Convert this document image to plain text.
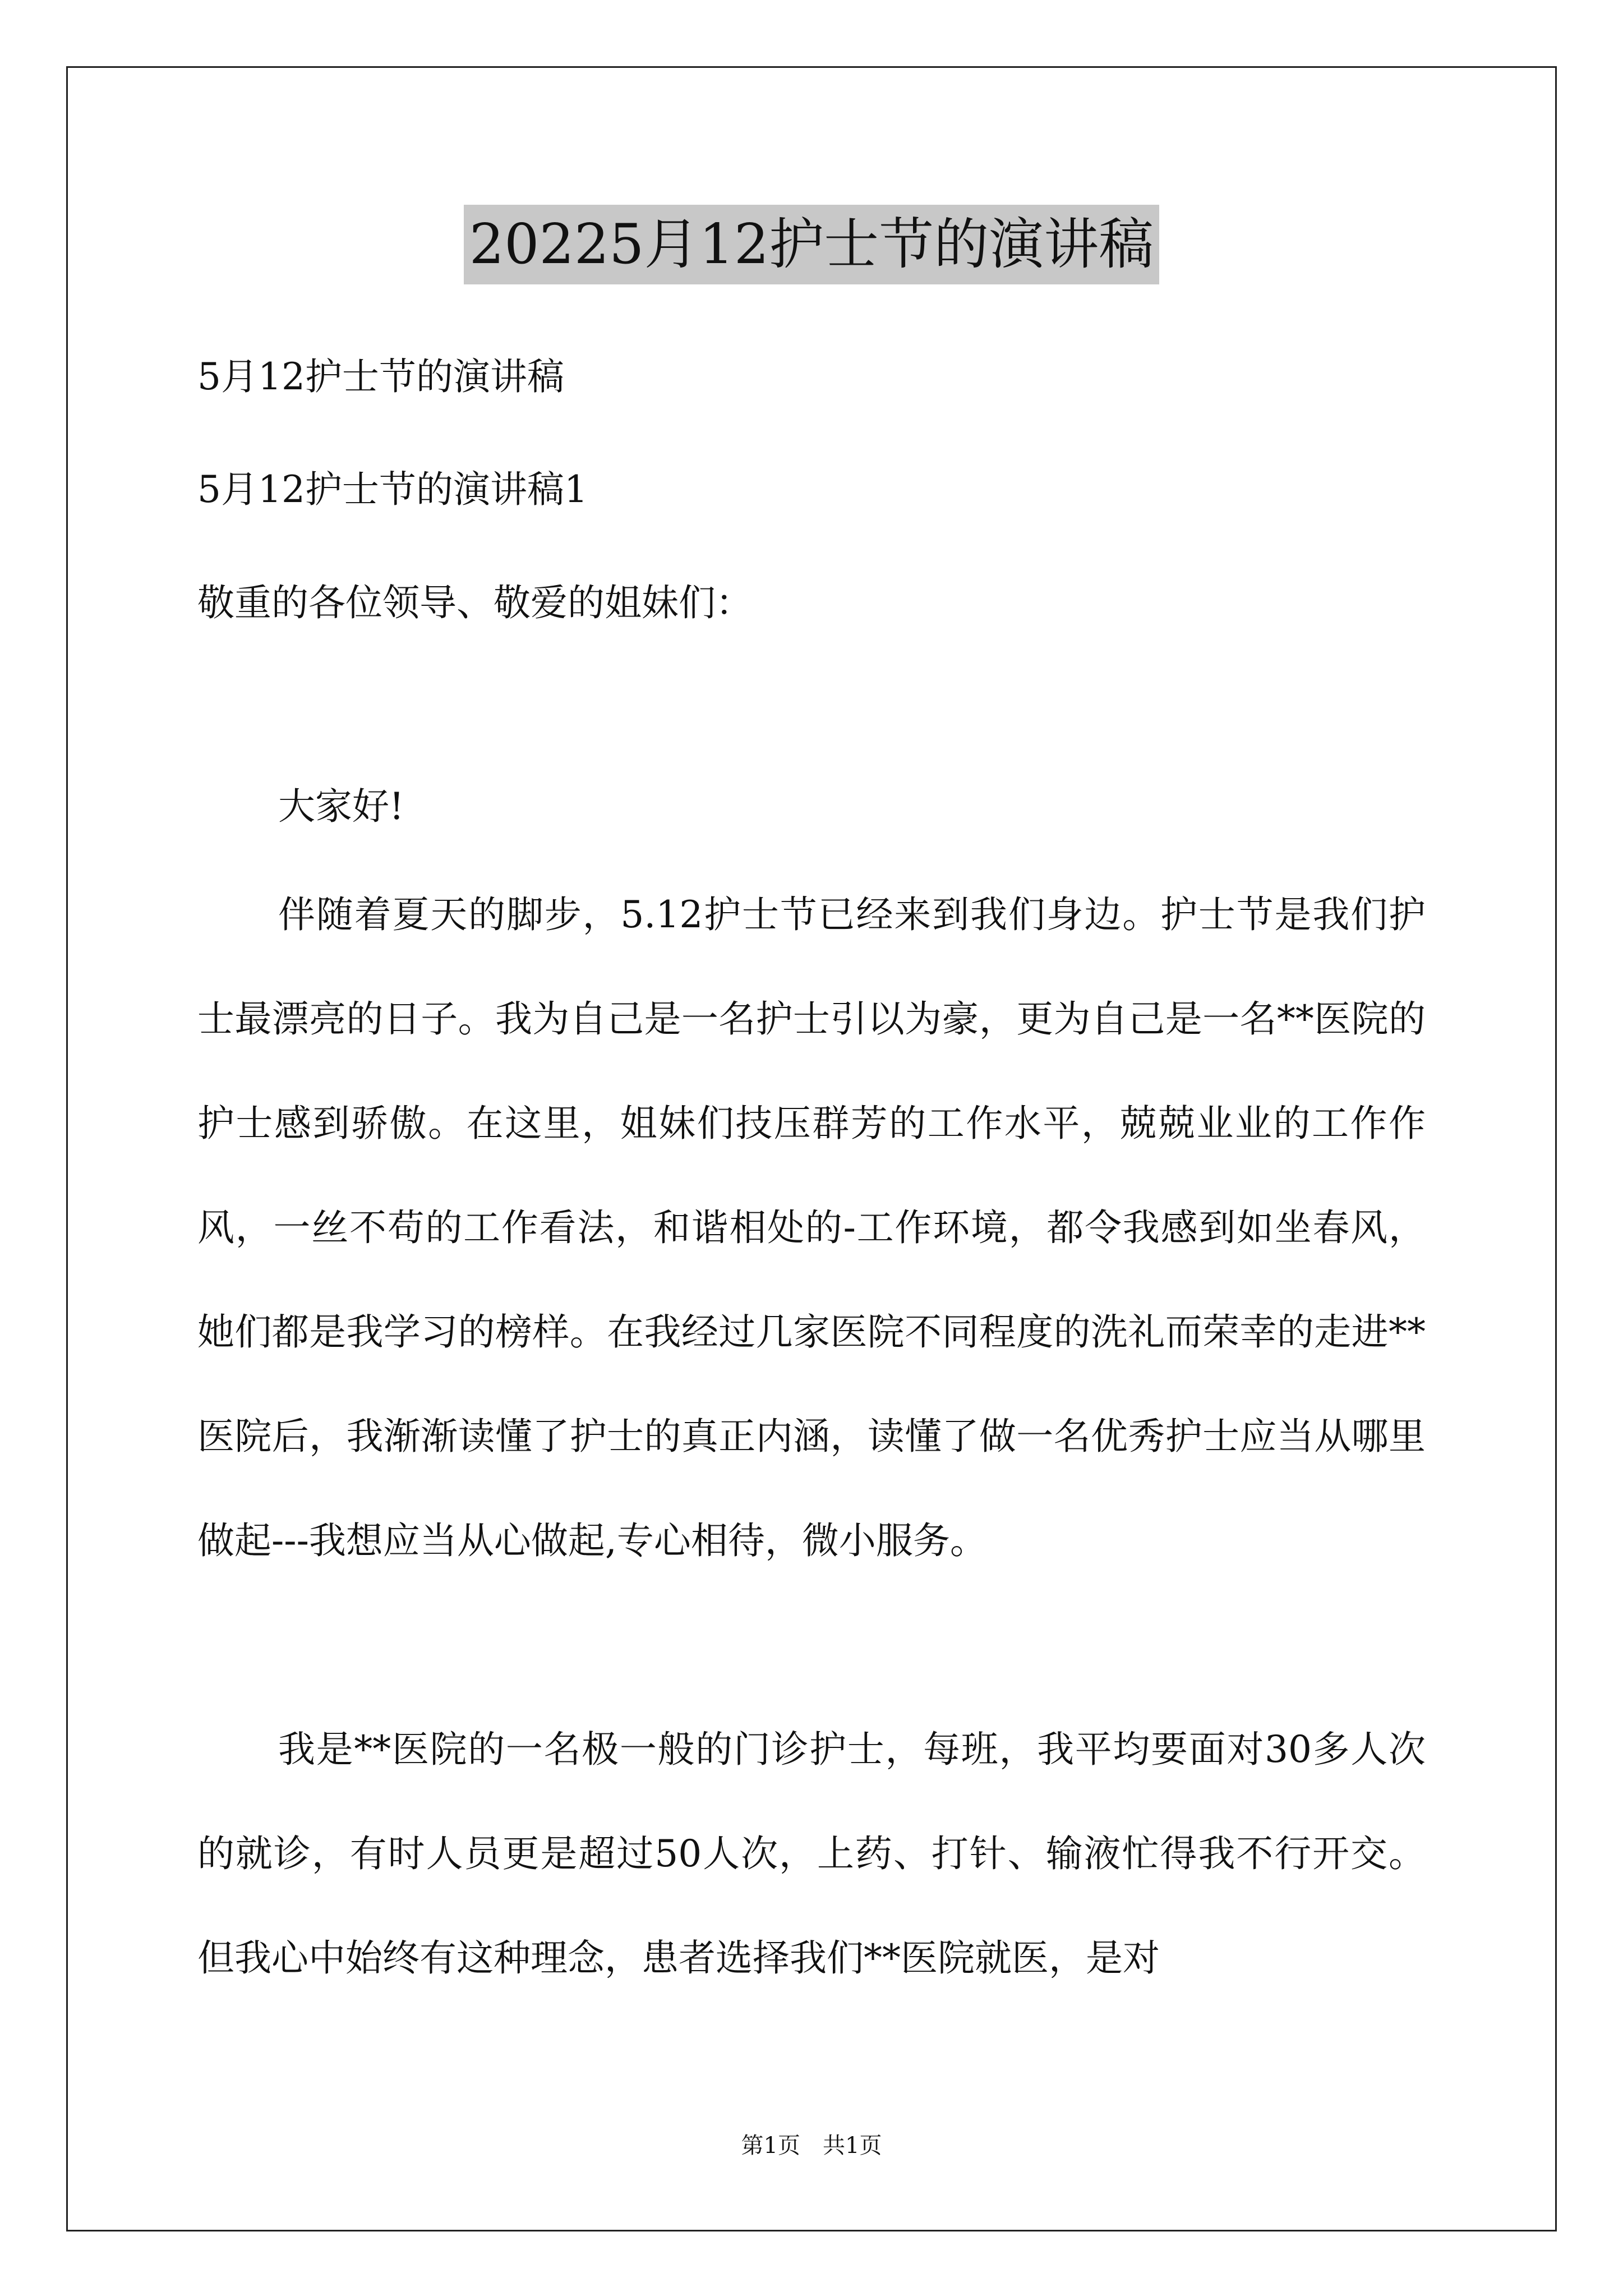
20225月12护士节的演讲稿
5月12护士节的演讲稿
5月12护士节的演讲稿1
敬重的各位领导、敬爱的姐妹们：
大家好!
伴随着夏天的脚步，5.12护士节已经来到我们身边。护士节是我们护士最漂亮的日子。我为自己是一名护士引以为豪，更为自己是一名**医院的护士感到骄傲。在这里，姐妹们技压群芳的工作水平，兢兢业业的工作作风，一丝不苟的工作看法，和谐相处的-工作环境，都令我感到如坐春风，她们都是我学习的榜样。在我经过几家医院不同程度的洗礼而荣幸的走进**医院后，我渐渐读懂了护士的真正内涵，读懂了做一名优秀护士应当从哪里做起---我想应当从心做起,专心相待，微小服务。
我是**医院的一名极一般的门诊护士，每班，我平均要面对30多人次的就诊，有时人员更是超过50人次，上药、打针、输液忙得我不行开交。但我心中始终有这种理念，患者选择我们**医院就医，是对
第1页　共1页
